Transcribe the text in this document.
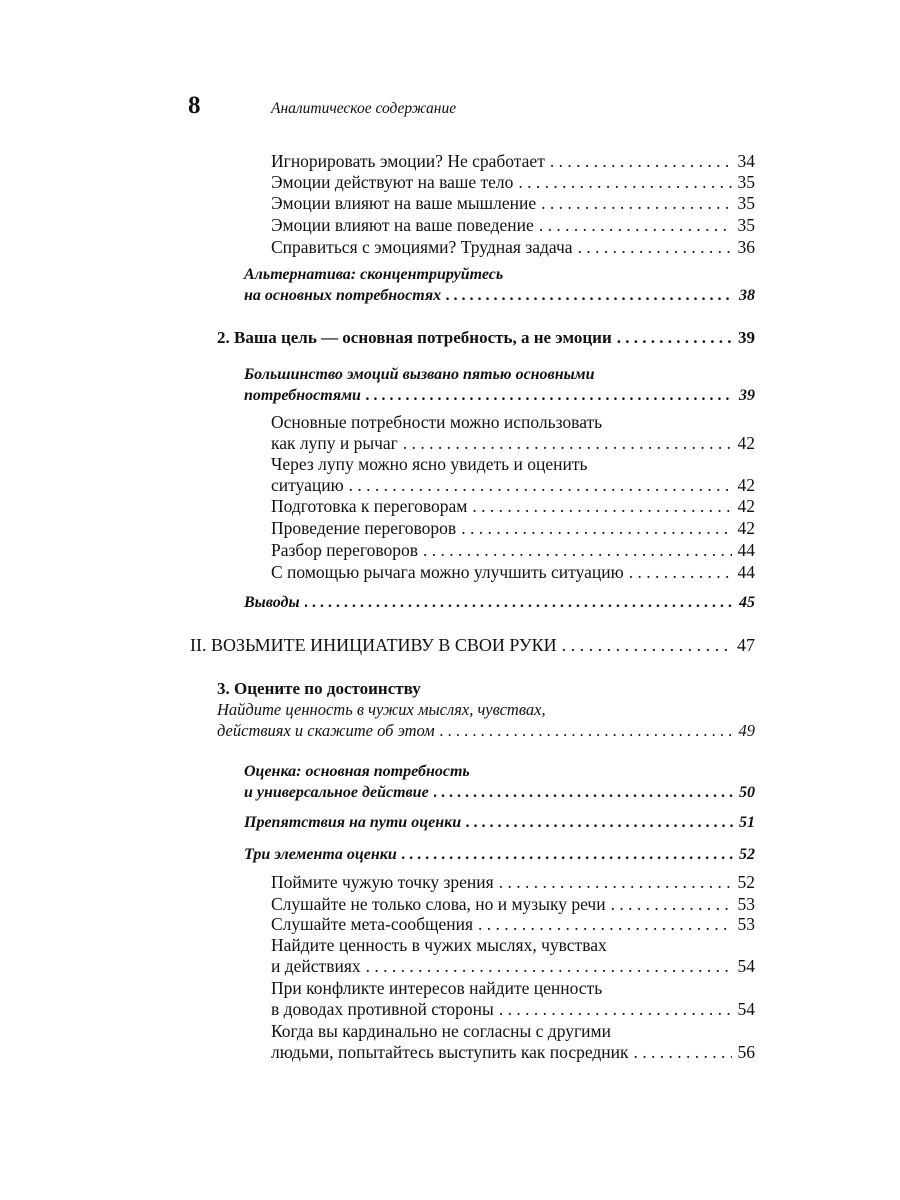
8	Аналитическое содержание
Игнорировать эмоции? Не сработает . . .	34
Эмоции действуют на ваше тело . . .	35
Эмоции влияют на ваше мышление . . .	35
Эмоции влияют на ваше поведение . . .	35
Справиться с эмоциями? Трудная задача . . .	36
Альтернатива: сконцентрируйтесь
на основных потребностях . . .	38
2. Ваша цель — основная потребность, а не эмоции . . .	39
Большинство эмоций вызвано пятью основными
потребностями . . .	39
Основные потребности можно использовать
как лупу и рычаг . . .	42
Через лупу можно ясно увидеть и оценить
ситуацию . . .	42
Подготовка к переговорам . . .	42
Проведение переговоров . . .	42
Разбор переговоров . . .	44
С помощью рычага можно улучшить ситуацию . . .	44
Выводы . . .	45
II. ВОЗЬМИТЕ ИНИЦИАТИВУ В СВОИ РУКИ . . .	47
3. Оцените по достоинству
Найдите ценность в чужих мыслях, чувствах,
действиях и скажите об этом . . .	49
Оценка: основная потребность
и универсальное действие . . .	50
Препятствия на пути оценки . . .	51
Три элемента оценки . . .	52
Поймите чужую точку зрения . . .	52
Слушайте не только слова, но и музыку речи . . .	53
Слушайте мета-сообщения . . .	53
Найдите ценность в чужих мыслях, чувствах
и действиях . . .	54
При конфликте интересов найдите ценность
в доводах противной стороны . . .	54
Когда вы кардинально не согласны с другими
людьми, попытайтесь выступить как посредник . . .	56
